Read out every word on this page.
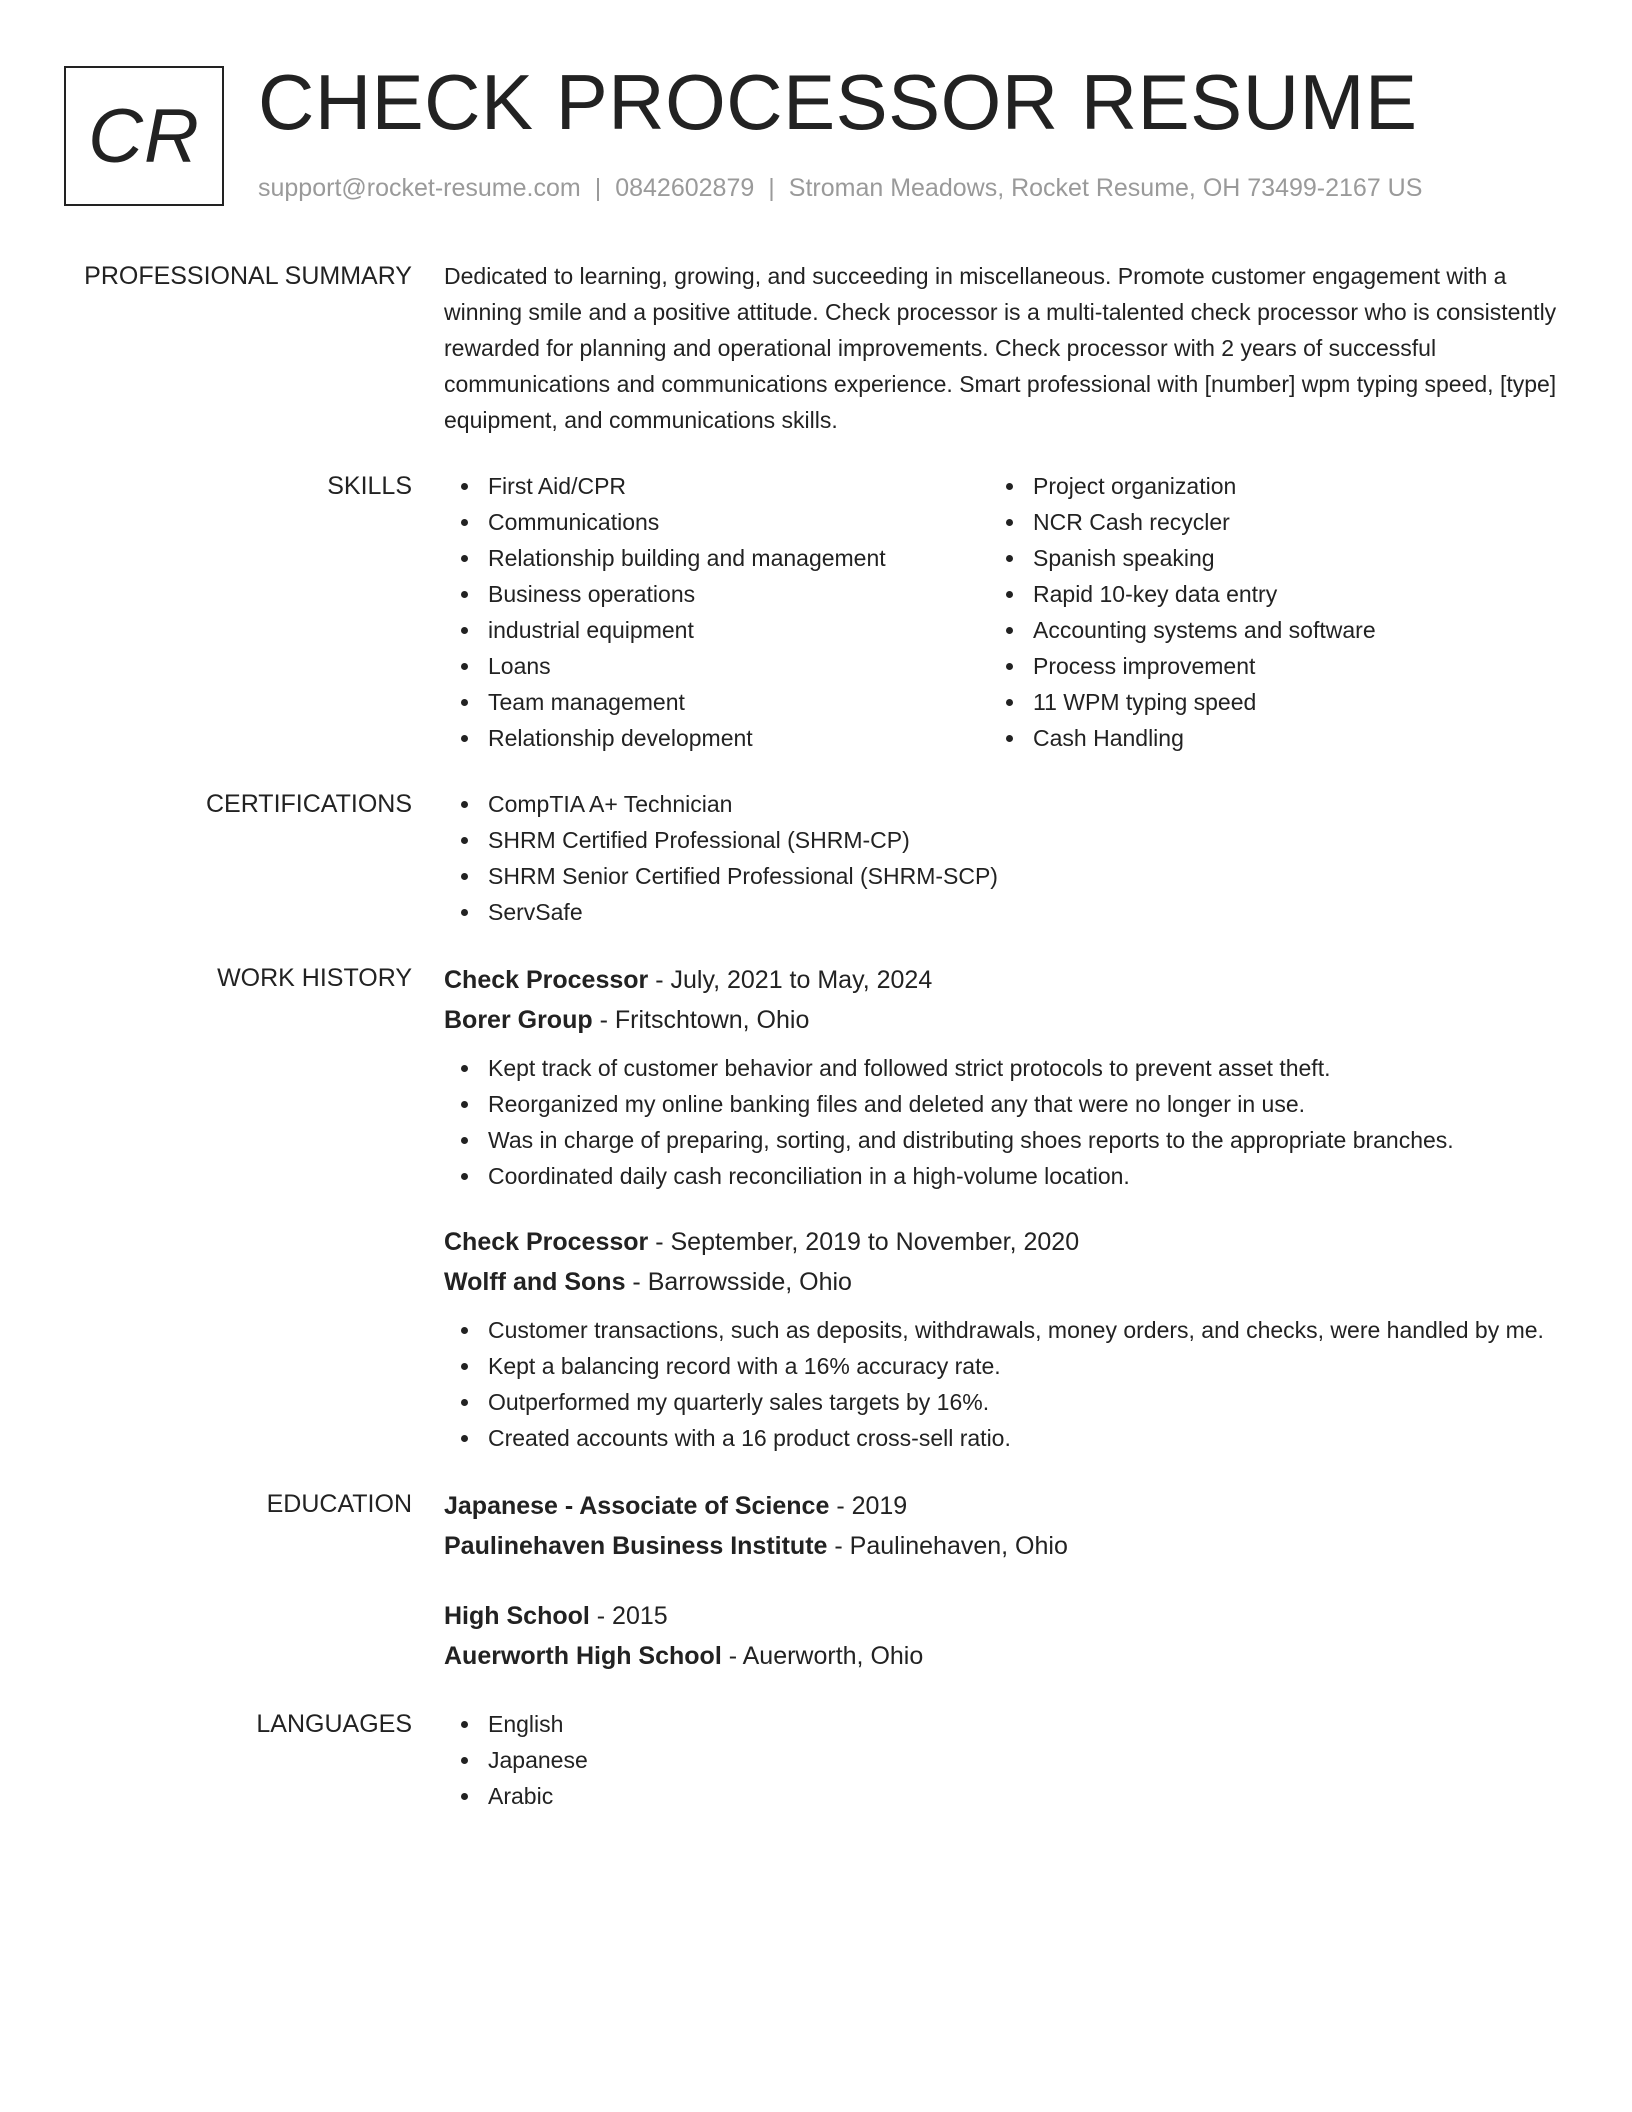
CR CHECK PROCESSOR RESUME
support@rocket-resume.com | 0842602879 | Stroman Meadows, Rocket Resume, OH 73499-2167 US
PROFESSIONAL SUMMARY Dedicated to learning, growing, and succeeding in miscellaneous. Promote customer engagement with a winning smile and a positive attitude. Check processor is a multi-talented check processor who is consistently rewarded for planning and operational improvements. Check processor with 2 years of successful communications and communications experience. Smart professional with [number] wpm typing speed, [type] equipment, and communications skills.

SKILLS	First Aid/CPR
Communications
Relationship building and management
Business operations
industrial equipment
Loans
Team management
Relationship development
Project organization
NCR Cash recycler
Spanish speaking
Rapid 10-key data entry
Accounting systems and software
Process improvement
11 WPM typing speed
Cash Handling
CERTIFICATIONS	CompTIA A+ Technician
SHRM Certified Professional (SHRM-CP)
SHRM Senior Certified Professional (SHRM-SCP)
ServSafe
WORK HISTORY Check Processor - July, 2021 to May, 2024
Borer Group - Fritschtown, Ohio
Kept track of customer behavior and followed strict protocols to prevent asset theft.
Reorganized my online banking files and deleted any that were no longer in use.
Was in charge of preparing, sorting, and distributing shoes reports to the appropriate branches.
Coordinated daily cash reconciliation in a high-volume location.
Check Processor - September, 2019 to November, 2020
Wolff and Sons - Barrowsside, Ohio
Customer transactions, such as deposits, withdrawals, money orders, and checks, were handled by me.
Kept a balancing record with a 16% accuracy rate.
Outperformed my quarterly sales targets by 16%.
Created accounts with a 16 product cross-sell ratio.
EDUCATION Japanese - Associate of Science - 2019
Paulinehaven Business Institute - Paulinehaven, Ohio
High School - 2015
Auerworth High School - Auerworth, Ohio
LANGUAGES	English
Japanese
Arabic
